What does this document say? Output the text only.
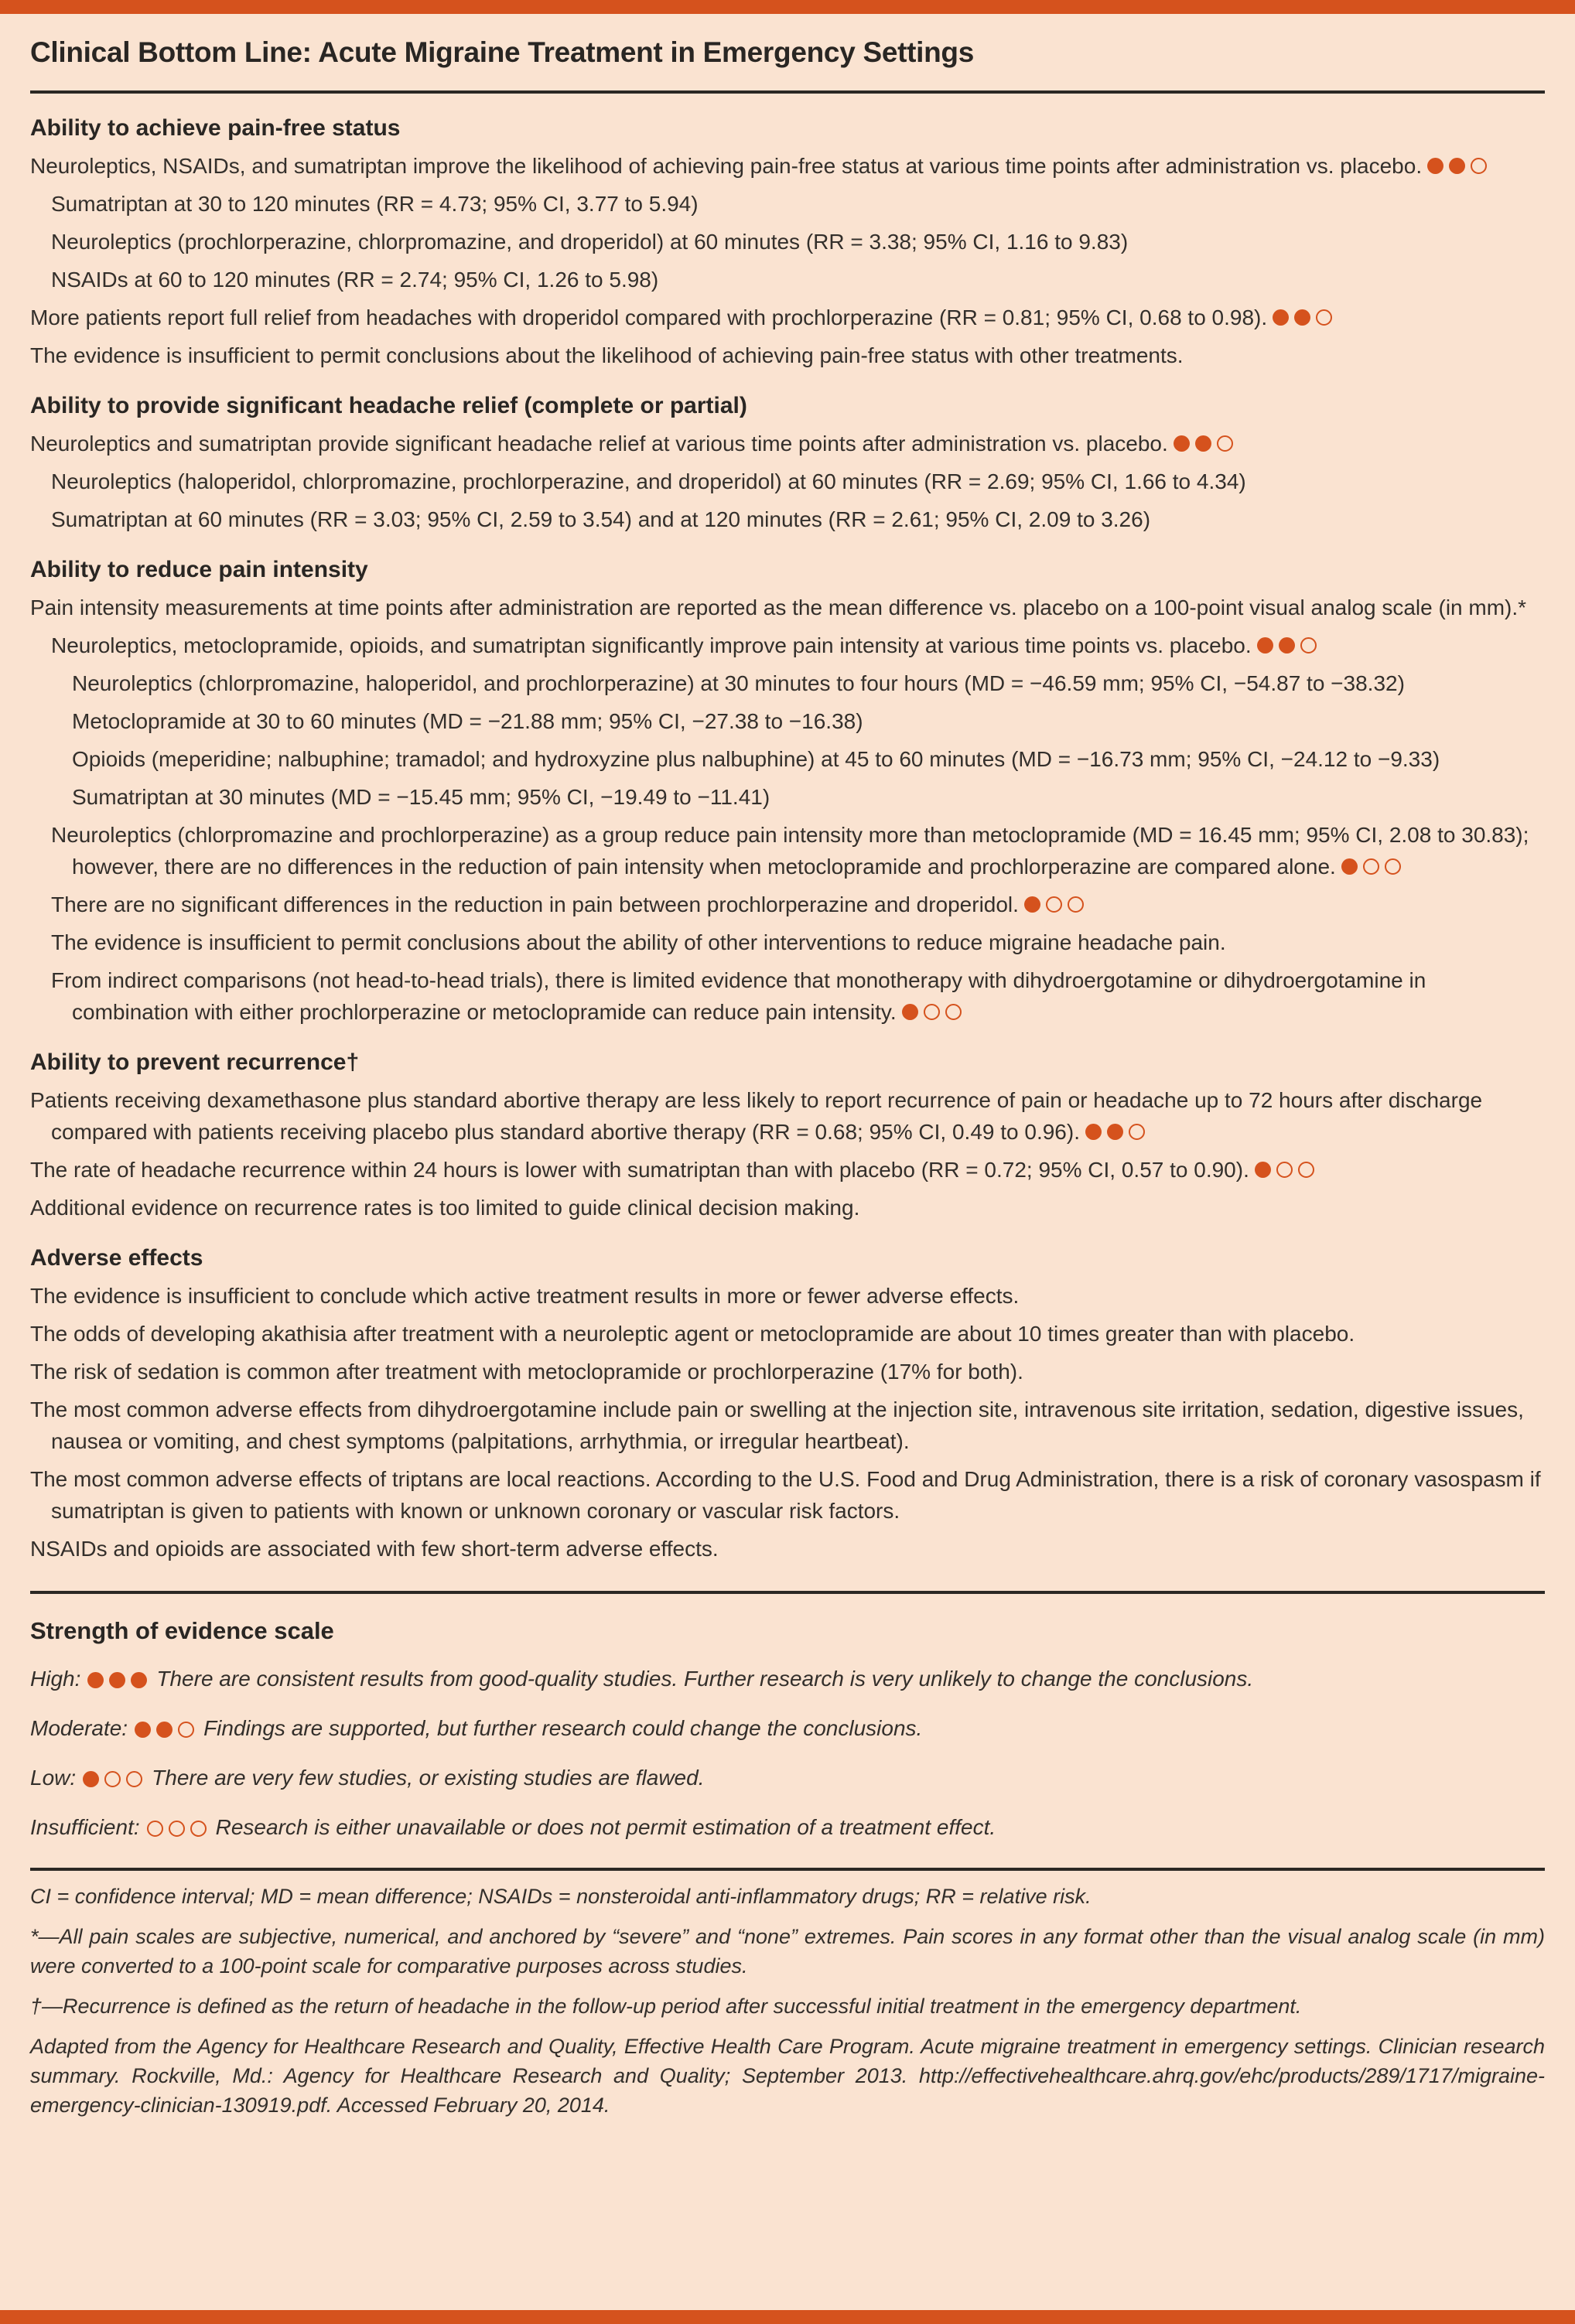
Clinical Bottom Line: Acute Migraine Treatment in Emergency Settings
Ability to achieve pain-free status

Neuroleptics, NSAIDs, and sumatriptan improve the likelihood of achieving pain-free status at various time points after administration vs. placebo.

Sumatriptan at 30 to 120 minutes (RR = 4.73; 95% CI, 3.77 to 5.94)

Neuroleptics (prochlorperazine, chlorpromazine, and droperidol) at 60 minutes (RR = 3.38; 95% CI, 1.16 to 9.83)

NSAIDs at 60 to 120 minutes (RR = 2.74; 95% CI, 1.26 to 5.98)

More patients report full relief from headaches with droperidol compared with prochlorperazine (RR = 0.81; 95% CI, 0.68 to 0.98).

The evidence is insufficient to permit conclusions about the likelihood of achieving pain-free status with other treatments.

Ability to provide significant headache relief (complete or partial)

Neuroleptics and sumatriptan provide significant headache relief at various time points after administration vs. placebo.

Neuroleptics (haloperidol, chlorpromazine, prochlorperazine, and droperidol) at 60 minutes (RR = 2.69; 95% CI, 1.66 to 4.34)

Sumatriptan at 60 minutes (RR = 3.03; 95% CI, 2.59 to 3.54) and at 120 minutes (RR = 2.61; 95% CI, 2.09 to 3.26)

Ability to reduce pain intensity

Pain intensity measurements at time points after administration are reported as the mean difference vs. placebo on a 100-point visual analog scale (in mm).*

Neuroleptics, metoclopramide, opioids, and sumatriptan significantly improve pain intensity at various time points vs. placebo.

Neuroleptics (chlorpromazine, haloperidol, and prochlorperazine) at 30 minutes to four hours (MD = −46.59 mm; 95% CI, −54.87 to −38.32)

Metoclopramide at 30 to 60 minutes (MD = −21.88 mm; 95% CI, −27.38 to −16.38)

Opioids (meperidine; nalbuphine; tramadol; and hydroxyzine plus nalbuphine) at 45 to 60 minutes (MD = −16.73 mm; 95% CI, −24.12 to −9.33)

Sumatriptan at 30 minutes (MD = −15.45 mm; 95% CI, −19.49 to −11.41)

Neuroleptics (chlorpromazine and prochlorperazine) as a group reduce pain intensity more than metoclopramide (MD = 16.45 mm; 95% CI, 2.08 to 30.83); however, there are no differences in the reduction of pain intensity when metoclopramide and prochlorperazine are compared alone.

There are no significant differences in the reduction in pain between prochlorperazine and droperidol.

The evidence is insufficient to permit conclusions about the ability of other interventions to reduce migraine headache pain.

From indirect comparisons (not head-to-head trials), there is limited evidence that monotherapy with dihydroergotamine or dihydroergotamine in combination with either prochlorperazine or metoclopramide can reduce pain intensity.

Ability to prevent recurrence†

Patients receiving dexamethasone plus standard abortive therapy are less likely to report recurrence of pain or headache up to 72 hours after discharge compared with patients receiving placebo plus standard abortive therapy (RR = 0.68; 95% CI, 0.49 to 0.96).

The rate of headache recurrence within 24 hours is lower with sumatriptan than with placebo (RR = 0.72; 95% CI, 0.57 to 0.90).

Additional evidence on recurrence rates is too limited to guide clinical decision making.

Adverse effects

The evidence is insufficient to conclude which active treatment results in more or fewer adverse effects.

The odds of developing akathisia after treatment with a neuroleptic agent or metoclopramide are about 10 times greater than with placebo.

The risk of sedation is common after treatment with metoclopramide or prochlorperazine (17% for both).

The most common adverse effects from dihydroergotamine include pain or swelling at the injection site, intravenous site irritation, sedation, digestive issues, nausea or vomiting, and chest symptoms (palpitations, arrhythmia, or irregular heartbeat).

The most common adverse effects of triptans are local reactions. According to the U.S. Food and Drug Administration, there is a risk of coronary vasospasm if sumatriptan is given to patients with known or unknown coronary or vascular risk factors.

NSAIDs and opioids are associated with few short-term adverse effects.

Strength of evidence scale

High:	There are consistent results from good-quality studies. Further research is very unlikely to change the conclusions.

Moderate:	Findings are supported, but further research could change the conclusions.

Low:	There are very few studies, or existing studies are flawed.

Insufficient:	Research is either unavailable or does not permit estimation of a treatment effect.

CI = confidence interval; MD = mean difference; NSAIDs = nonsteroidal anti-inflammatory drugs; RR = relative risk.

*—All pain scales are subjective, numerical, and anchored by “severe” and “none” extremes. Pain scores in any format other than the visual analog scale (in mm) were converted to a 100-point scale for comparative purposes across studies.

†—Recurrence is defined as the return of headache in the follow-up period after successful initial treatment in the emergency department.

Adapted from the Agency for Healthcare Research and Quality, Effective Health Care Program. Acute migraine treatment in emergency settings. Clinician research summary. Rockville, Md.: Agency for Healthcare Research and Quality; September 2013. http://effectivehealthcare.ahrq.gov/ehc/products/289/1717/migraine-emergency-clinician-130919.pdf. Accessed February 20, 2014.
